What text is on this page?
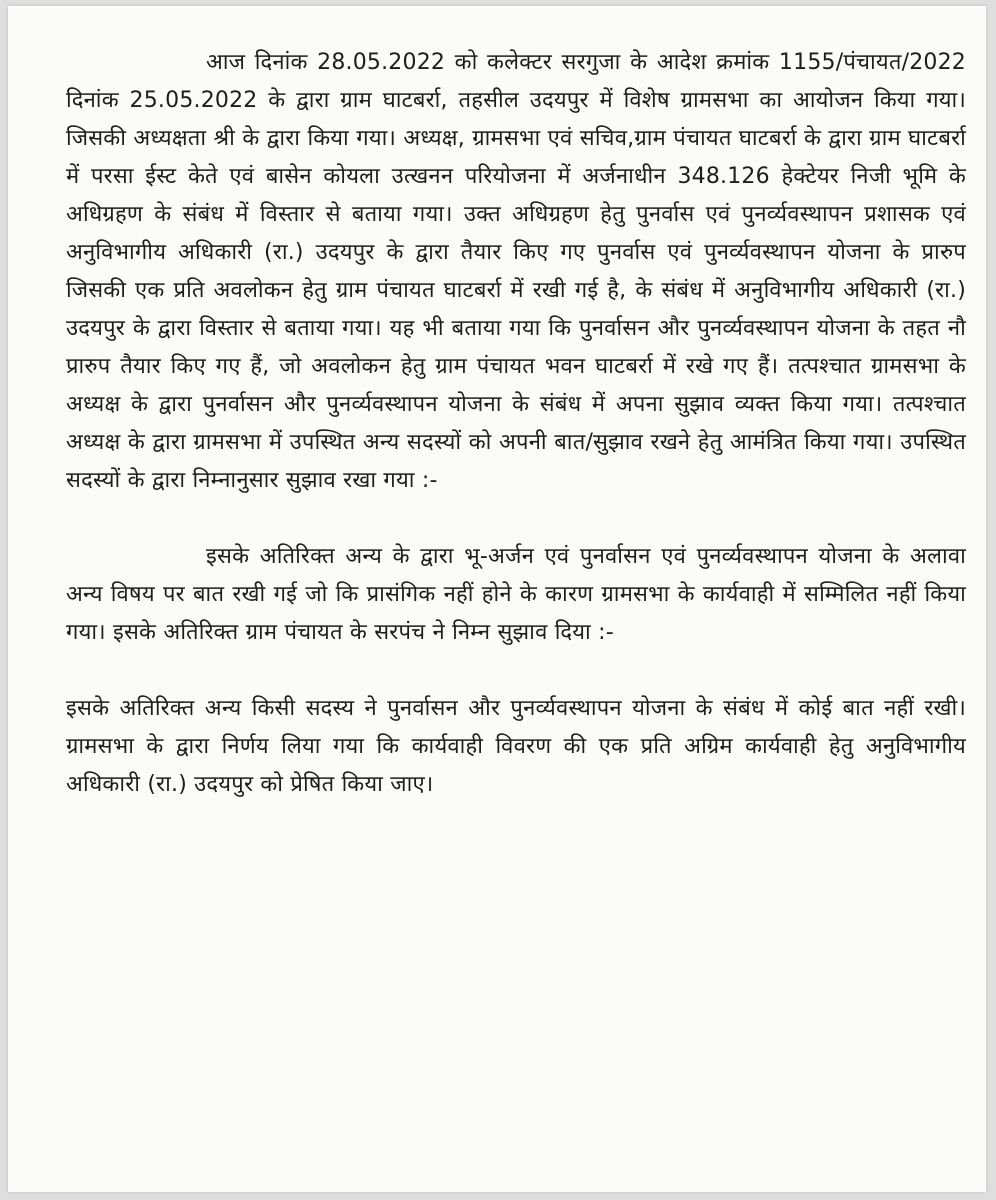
आज दिनांक 28.05.2022 को कलेक्टर सरगुजा के आदेश क्रमांक 1155/पंचायत/2022 दिनांक 25.05.2022 के द्वारा ग्राम घाटबर्रा, तहसील उदयपुर में विशेष ग्रामसभा का आयोजन किया गया। जिसकी अध्यक्षता श्री के द्वारा किया गया। अध्यक्ष, ग्रामसभा एवं सचिव,ग्राम पंचायत घाटबर्रा के द्वारा ग्राम घाटबर्रा में परसा ईस्ट केते एवं बासेन कोयला उत्खनन परियोजना में अर्जनाधीन 348.126 हेक्टेयर निजी भूमि के अधिग्रहण के संबंध में विस्तार से बताया गया। उक्त अधिग्रहण हेतु पुनर्वास एवं पुनर्व्यवस्थापन प्रशासक एवं अनुविभागीय अधिकारी (रा.) उदयपुर के द्वारा तैयार किए गए पुनर्वास एवं पुनर्व्यवस्थापन योजना के प्रारुप जिसकी एक प्रति अवलोकन हेतु ग्राम पंचायत घाटबर्रा में रखी गई है, के संबंध में अनुविभागीय अधिकारी (रा.) उदयपुर के द्वारा विस्तार से बताया गया। यह भी बताया गया कि पुनर्वासन और पुनर्व्यवस्थापन योजना के तहत नौ प्रारुप तैयार किए गए हैं, जो अवलोकन हेतु ग्राम पंचायत भवन घाटबर्रा में रखे गए हैं। तत्पश्चात ग्रामसभा के अध्यक्ष के द्वारा पुनर्वासन और पुनर्व्यवस्थापन योजना के संबंध में अपना सुझाव व्यक्त किया गया। तत्पश्चात अध्यक्ष के द्वारा ग्रामसभा में उपस्थित अन्य सदस्यों को अपनी बात/सुझाव रखने हेतु आमंत्रित किया गया। उपस्थित सदस्यों के द्वारा निम्नानुसार सुझाव रखा गया :-

इसके अतिरिक्त अन्य के द्वारा भू-अर्जन एवं पुनर्वासन एवं पुनर्व्यवस्थापन योजना के अलावा अन्य विषय पर बात रखी गई जो कि प्रासंगिक नहीं होने के कारण ग्रामसभा के कार्यवाही में सम्मिलित नहीं किया गया। इसके अतिरिक्त ग्राम पंचायत के सरपंच ने निम्न सुझाव दिया :-

इसके अतिरिक्त अन्य किसी सदस्य ने पुनर्वासन और पुनर्व्यवस्थापन योजना के संबंध में कोई बात नहीं रखी। ग्रामसभा के द्वारा निर्णय लिया गया कि कार्यवाही विवरण की एक प्रति अग्रिम कार्यवाही हेतु अनुविभागीय अधिकारी (रा.) उदयपुर को प्रेषित किया जाए।
